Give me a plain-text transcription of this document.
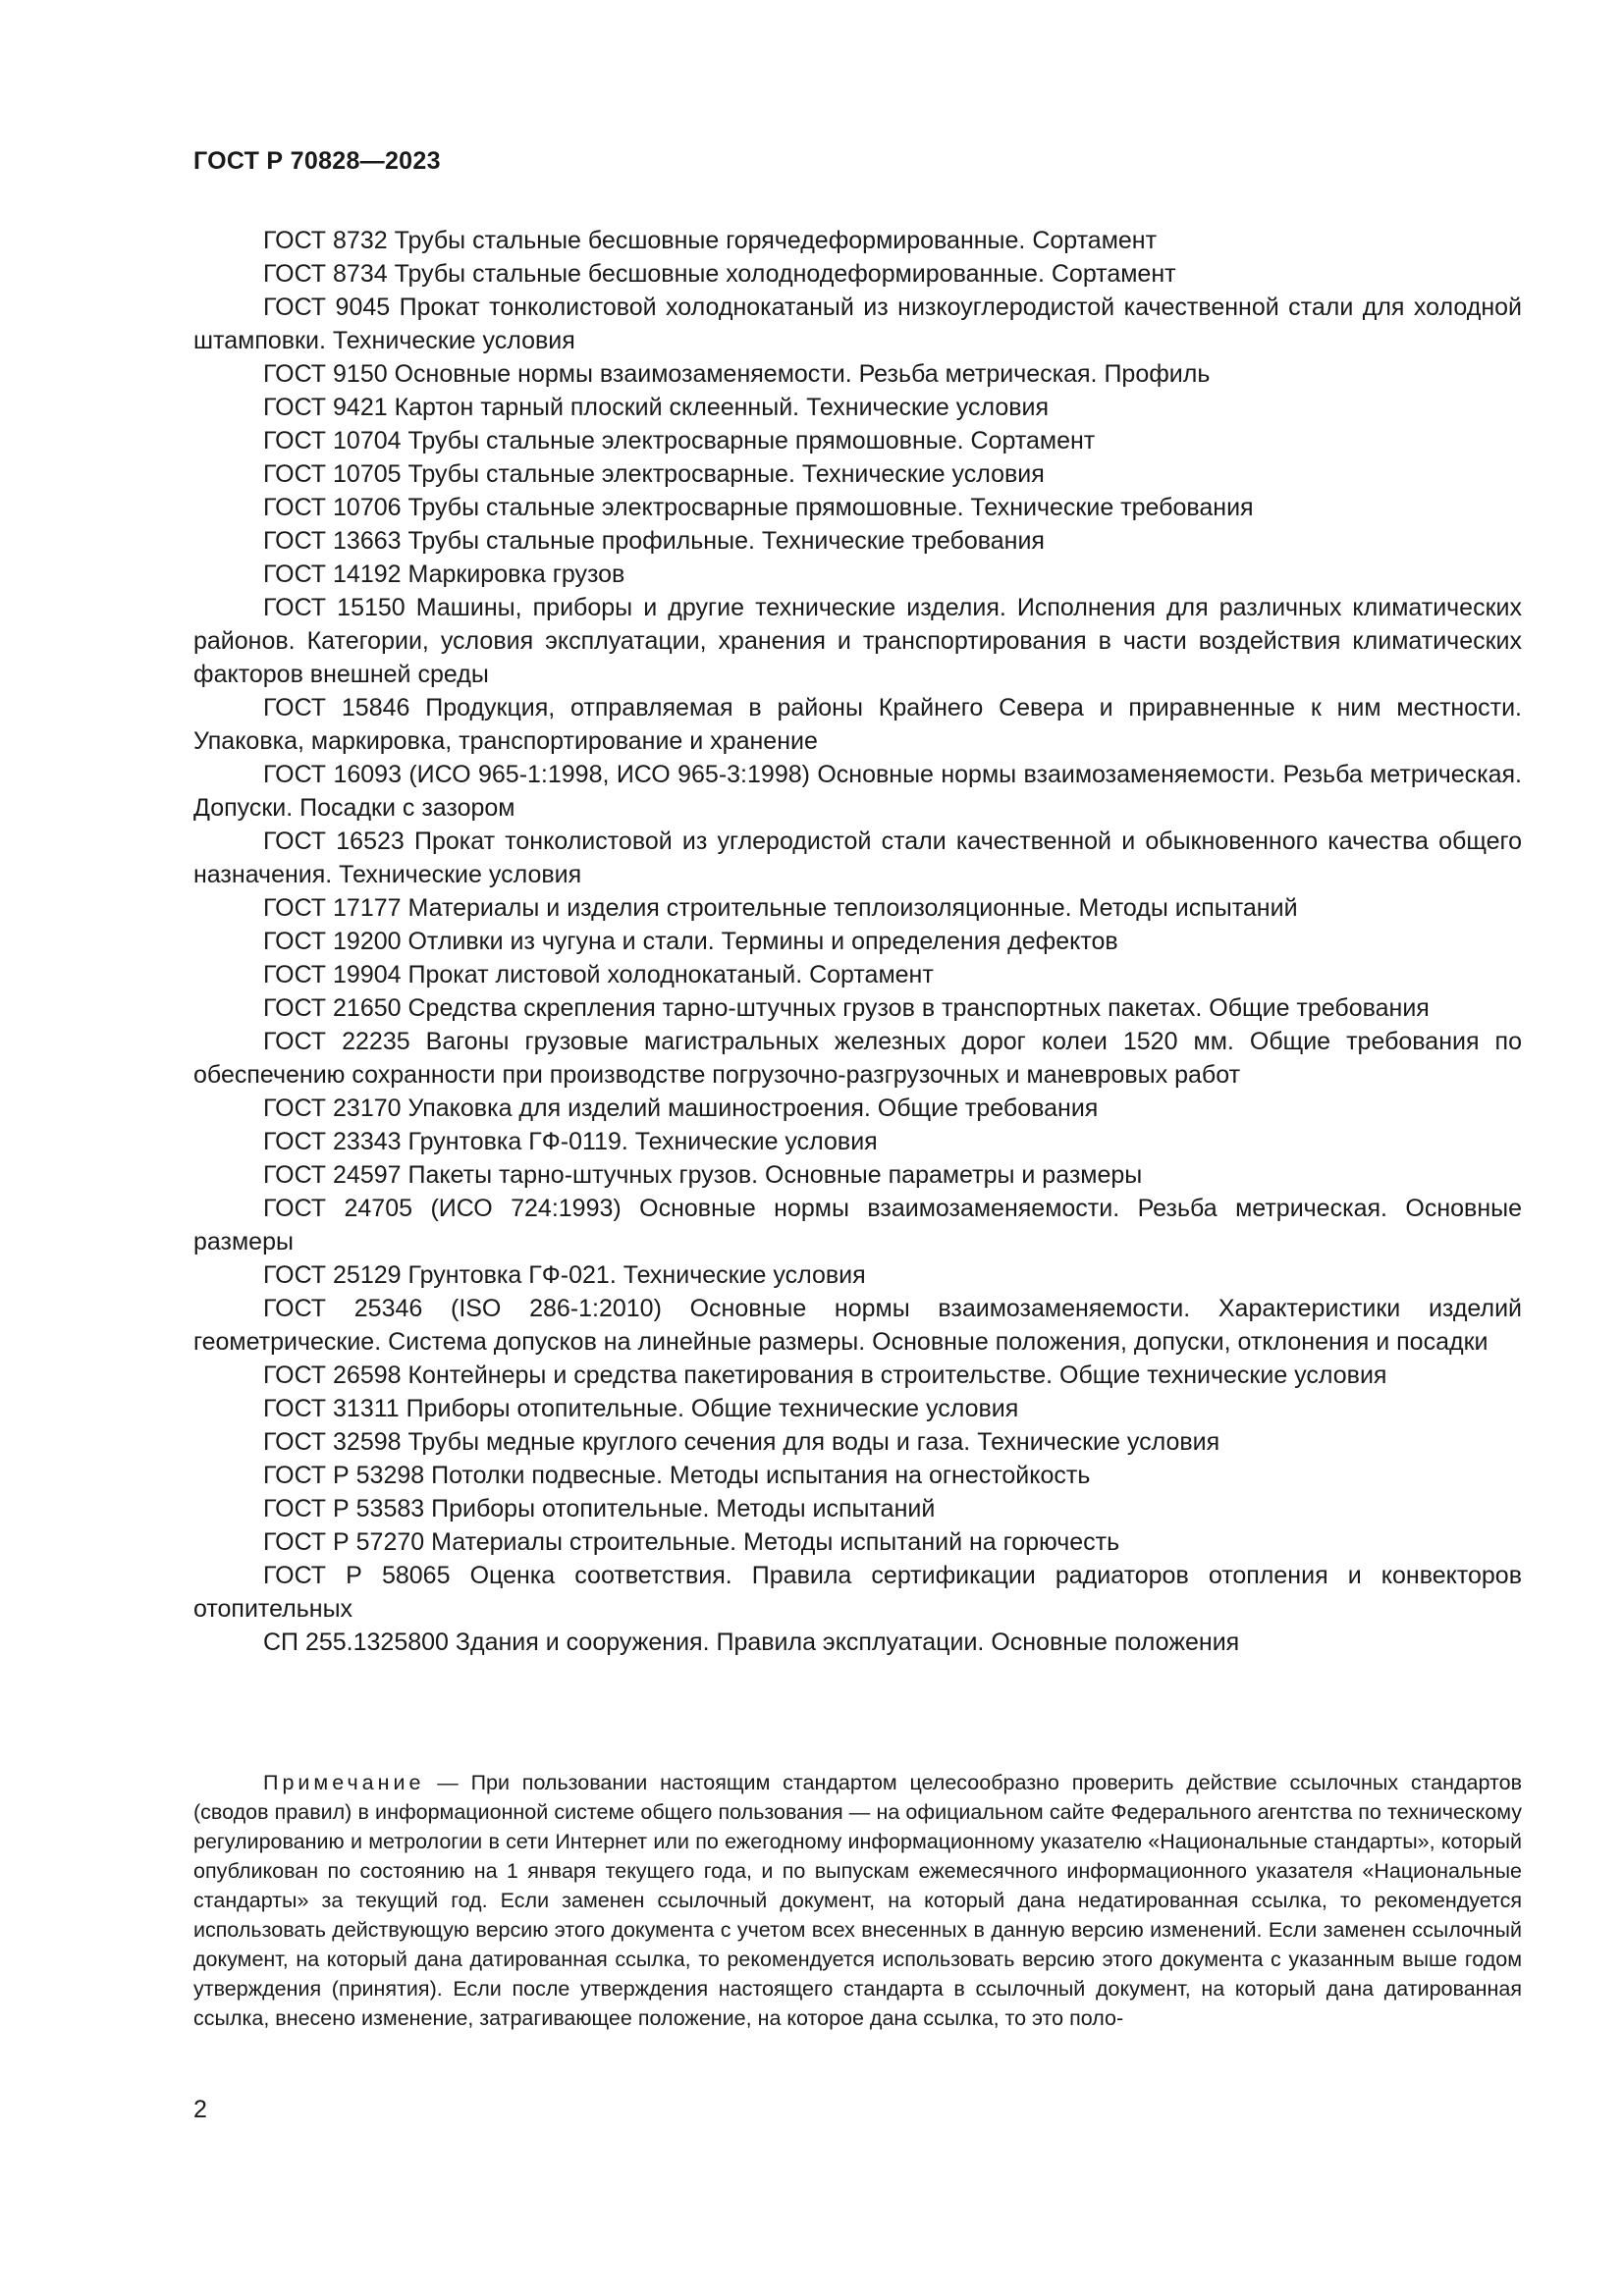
ГОСТ Р 70828—2023

ГОСТ 8732 Трубы стальные бесшовные горячедеформированные. Сортамент

ГОСТ 8734 Трубы стальные бесшовные холоднодеформированные. Сортамент

ГОСТ 9045 Прокат тонколистовой холоднокатаный из низкоуглеродистой качественной стали для холодной штамповки. Технические условия

ГОСТ 9150 Основные нормы взаимозаменяемости. Резьба метрическая. Профиль

ГОСТ 9421 Картон тарный плоский склеенный. Технические условия

ГОСТ 10704 Трубы стальные электросварные прямошовные. Сортамент

ГОСТ 10705 Трубы стальные электросварные. Технические условия

ГОСТ 10706 Трубы стальные электросварные прямошовные. Технические требования

ГОСТ 13663 Трубы стальные профильные. Технические требования

ГОСТ 14192 Маркировка грузов

ГОСТ 15150 Машины, приборы и другие технические изделия. Исполнения для различных климатических районов. Категории, условия эксплуатации, хранения и транспортирования в части воздействия климатических факторов внешней среды

ГОСТ 15846 Продукция, отправляемая в районы Крайнего Севера и приравненные к ним местности. Упаковка, маркировка, транспортирование и хранение

ГОСТ 16093 (ИСО 965-1:1998, ИСО 965-3:1998) Основные нормы взаимозаменяемости. Резьба метрическая. Допуски. Посадки с зазором

ГОСТ 16523 Прокат тонколистовой из углеродистой стали качественной и обыкновенного качества общего назначения. Технические условия

ГОСТ 17177 Материалы и изделия строительные теплоизоляционные. Методы испытаний

ГОСТ 19200 Отливки из чугуна и стали. Термины и определения дефектов

ГОСТ 19904 Прокат листовой холоднокатаный. Сортамент

ГОСТ 21650 Средства скрепления тарно-штучных грузов в транспортных пакетах. Общие требования

ГОСТ 22235 Вагоны грузовые магистральных железных дорог колеи 1520 мм. Общие требования по обеспечению сохранности при производстве погрузочно-разгрузочных и маневровых работ

ГОСТ 23170 Упаковка для изделий машиностроения. Общие требования

ГОСТ 23343 Грунтовка ГФ-0119. Технические условия

ГОСТ 24597 Пакеты тарно-штучных грузов. Основные параметры и размеры

ГОСТ 24705 (ИСО 724:1993) Основные нормы взаимозаменяемости. Резьба метрическая. Основные размеры

ГОСТ 25129 Грунтовка ГФ-021. Технические условия

ГОСТ 25346 (ISO 286-1:2010) Основные нормы взаимозаменяемости. Характеристики изделий геометрические. Система допусков на линейные размеры. Основные положения, допуски, отклонения и посадки

ГОСТ 26598 Контейнеры и средства пакетирования в строительстве. Общие технические условия

ГОСТ 31311 Приборы отопительные. Общие технические условия

ГОСТ 32598 Трубы медные круглого сечения для воды и газа. Технические условия

ГОСТ Р 53298 Потолки подвесные. Методы испытания на огнестойкость

ГОСТ Р 53583 Приборы отопительные. Методы испытаний

ГОСТ Р 57270 Материалы строительные. Методы испытаний на горючесть

ГОСТ Р 58065 Оценка соответствия. Правила сертификации радиаторов отопления и конвекторов отопительных

СП 255.1325800 Здания и сооружения. Правила эксплуатации. Основные положения

Примечание — При пользовании настоящим стандартом целесообразно проверить действие ссылочных стандартов (сводов правил) в информационной системе общего пользования — на официальном сайте Федерального агентства по техническому регулированию и метрологии в сети Интернет или по ежегодному информационному указателю «Национальные стандарты», который опубликован по состоянию на 1 января текущего года, и по выпускам ежемесячного информационного указателя «Национальные стандарты» за текущий год. Если заменен ссылочный документ, на который дана недатированная ссылка, то рекомендуется использовать действующую версию этого документа с учетом всех внесенных в данную версию изменений. Если заменен ссылочный документ, на который дана датированная ссылка, то рекомендуется использовать версию этого документа с указанным выше годом утверждения (принятия). Если после утверждения настоящего стандарта в ссылочный документ, на который дана датированная ссылка, внесено изменение, затрагивающее положение, на которое дана ссылка, то это поло-
2
